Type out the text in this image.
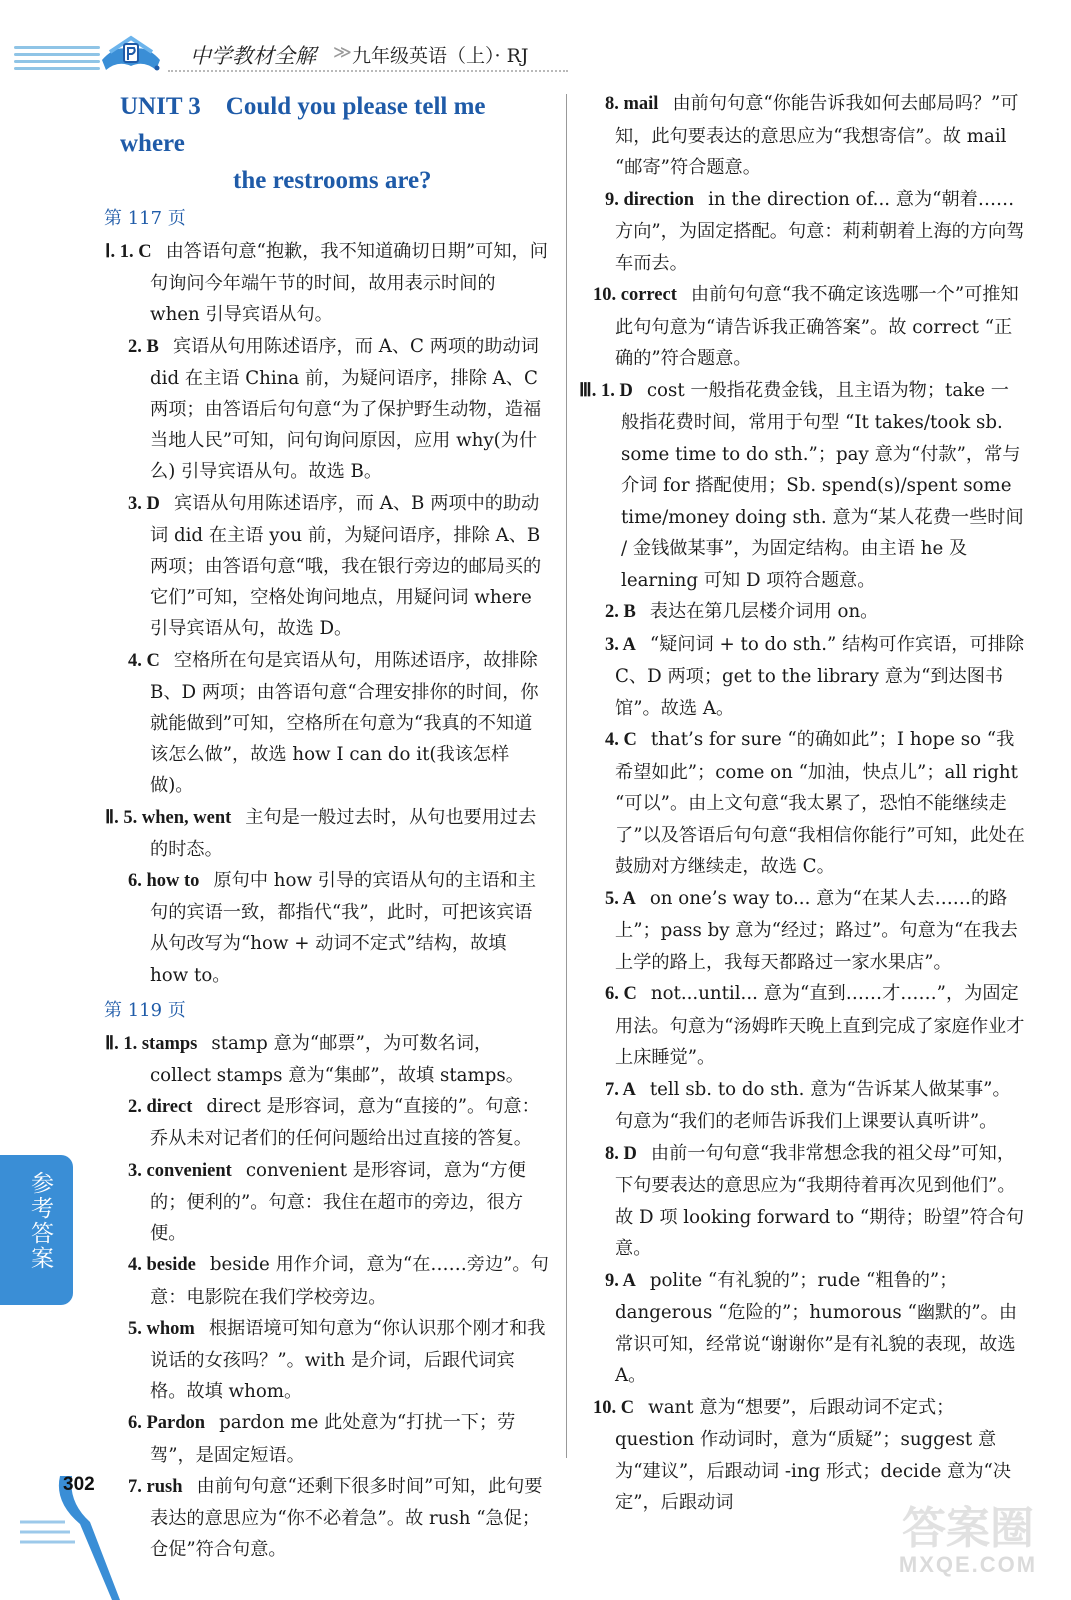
中学教材全解 ≫ 九年级英语（上）· RJ
UNIT 3　Could you please tell me where
the restrooms are?
第 117 页

Ⅰ. 1. C 由答语句意“抱歉，我不知道确切日期”可知，问句询问今年端午节的时间，故用表示时间的 when 引导宾语从句。

2. B 宾语从句用陈述语序，而 A、C 两项的助动词 did 在主语 China 前，为疑问语序，排除 A、C 两项；由答语后句句意“为了保护野生动物，造福当地人民”可知，问句询问原因，应用 why(为什么) 引导宾语从句。故选 B。

3. D 宾语从句用陈述语序，而 A、B 两项中的助动词 did 在主语 you 前，为疑问语序，排除 A、B 两项；由答语句意“哦，我在银行旁边的邮局买的它们”可知，空格处询问地点，用疑问词 where 引导宾语从句，故选 D。

4. C 空格所在句是宾语从句，用陈述语序，故排除 B、D 两项；由答语句意“合理安排你的时间，你就能做到”可知，空格所在句意为“我真的不知道该怎么做”，故选 how I can do it(我该怎样做)。

Ⅱ. 5. when, went 主句是一般过去时，从句也要用过去的时态。

6. how to 原句中 how 引导的宾语从句的主语和主句的宾语一致，都指代“我”，此时，可把该宾语从句改写为“how + 动词不定式”结构，故填 how to。

第 119 页

Ⅱ. 1. stamps stamp 意为“邮票”，为可数名词，collect stamps 意为“集邮”，故填 stamps。

2. direct direct 是形容词，意为“直接的”。句意：乔从未对记者们的任何问题给出过直接的答复。

3. convenient convenient 是形容词，意为“方便的；便利的”。句意：我住在超市的旁边，很方便。

4. beside beside 用作介词，意为“在……旁边”。句意：电影院在我们学校旁边。

5. whom 根据语境可知句意为“你认识那个刚才和我说话的女孩吗？”。with 是介词，后跟代词宾格。故填 whom。

6. Pardon pardon me 此处意为“打扰一下；劳驾”，是固定短语。

7. rush 由前句句意“还剩下很多时间”可知，此句要表达的意思应为“你不必着急”。故 rush “急促；仓促”符合句意。

8. mail 由前句句意“你能告诉我如何去邮局吗？”可知，此句要表达的意思应为“我想寄信”。故 mail “邮寄”符合题意。

9. direction in the direction of... 意为“朝着……方向”，为固定搭配。句意：莉莉朝着上海的方向驾车而去。

10. correct 由前句句意“我不确定该选哪一个”可推知此句句意为“请告诉我正确答案”。故 correct “正确的”符合题意。

Ⅲ. 1. D cost 一般指花费金钱，且主语为物；take 一般指花费时间，常用于句型 “It takes/took sb. some time to do sth.”；pay 意为“付款”，常与介词 for 搭配使用；Sb. spend(s)/spent some time/money doing sth. 意为“某人花费一些时间 / 金钱做某事”，为固定结构。由主语 he 及 learning 可知 D 项符合题意。

2. B 表达在第几层楼介词用 on。

3. A “疑问词 + to do sth.” 结构可作宾语，可排除 C、D 两项；get to the library 意为“到达图书馆”。故选 A。

4. C that’s for sure “的确如此”；I hope so “我希望如此”；come on “加油，快点儿”；all right “可以”。由上文句意“我太累了，恐怕不能继续走了”以及答语后句句意“我相信你能行”可知，此处在鼓励对方继续走，故选 C。

5. A on one’s way to... 意为“在某人去……的路上”；pass by 意为“经过；路过”。句意为“在我去上学的路上，我每天都路过一家水果店”。

6. C not...until... 意为“直到……才……”，为固定用法。句意为“汤姆昨天晚上直到完成了家庭作业才上床睡觉”。

7. A tell sb. to do sth. 意为“告诉某人做某事”。句意为“我们的老师告诉我们上课要认真听讲”。

8. D 由前一句句意“我非常想念我的祖父母”可知，下句要表达的意思应为“我期待着再次见到他们”。故 D 项 looking forward to “期待；盼望”符合句意。

9. A polite “有礼貌的”；rude “粗鲁的”；dangerous “危险的”；humorous “幽默的”。由常识可知，经常说“谢谢你”是有礼貌的表现，故选 A。

10. C want 意为“想要”，后跟动词不定式；question 作动词时，意为“质疑”；suggest 意为“建议”，后跟动词 -ing 形式；decide 意为“决定”，后跟动词

参考答案
302
答案圈
MXQE.COM
